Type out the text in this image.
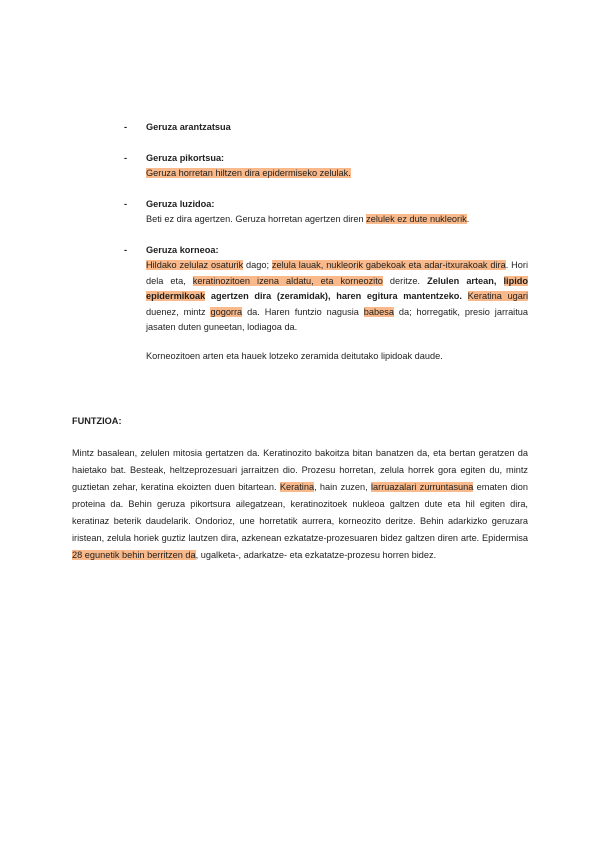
- Geruza arantzatsua
- Geruza pikortsua:
Geruza horretan hiltzen dira epidermiseko zelulak.
- Geruza luzidoa:
Beti ez dira agertzen. Geruza horretan agertzen diren zelulek ez dute nukleorik.
- Geruza korneoa:
Hildako zelulaz osaturik dago; zelula lauak, nukleorik gabekoak eta adar-itxurakoak dira. Hori dela eta, keratinozitoen izena aldatu, eta korneozito deritze. Zelulen artean, lipido epidermikoak agertzen dira (zeramidak), haren egitura mantentzeko. Keratina ugari duenez, mintz gogorra da. Haren funtzio nagusia babesa da; horregatik, presio jarraitua jasaten duten guneetan, lodiagoa da.
Korneozitoen arten eta hauek lotzeko zeramida deitutako lipidoak daude.
FUNTZIOA:
Mintz basalean, zelulen mitosia gertatzen da. Keratinozito bakoitza bitan banatzen da, eta bertan geratzen da haietako bat. Besteak, heltzeprozesuari jarraitzen dio. Prozesu horretan, zelula horrek gora egiten du, mintz guztietan zehar, keratina ekoizten duen bitartean. Keratina, hain zuzen, larruazalari zurruntasuna ematen dion proteina da. Behin geruza pikortsura ailegatzean, keratinozitoek nukleoa galtzen dute eta hil egiten dira, keratinaz beterik daudelarik. Ondorioz, une horretatik aurrera, korneozito deritze. Behin adarkizko geruzara iristean, zelula horiek guztiz lautzen dira, azkenean ezkatatze-prozesuaren bidez galtzen diren arte. Epidermisa 28 egunetik behin berritzen da, ugalketa-, adarkatze- eta ezkatatze-prozesu horren bidez.
